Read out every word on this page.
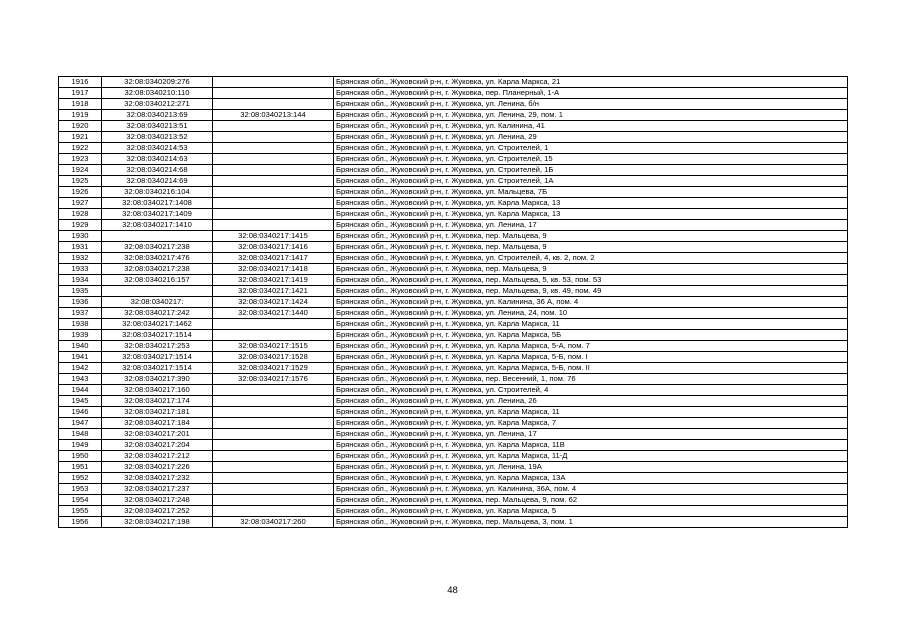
1916	32:08:0340209:276		Брянская обл., Жуковский р-н, г. Жуковка, ул. Карла Маркса, 21
1917	32:08:0340210:110		Брянская обл., Жуковский р-н, г. Жуковка, пер. Планерный, 1-А
1918	32:08:0340212:271		Брянская обл., Жуковский р-н, г. Жуковка, ул. Ленина, б/н
1919	32:08:0340213:69	32:08:0340213:144	Брянская обл., Жуковский р-н, г. Жуковка, ул. Ленина, 29, пом. 1
1920	32:08:0340213:51		Брянская обл., Жуковский р-н, г. Жуковка, ул. Калинина, 41
1921	32:08:0340213:52		Брянская обл., Жуковский р-н, г. Жуковка, ул. Ленина, 29
1922	32:08:0340214:53		Брянская обл., Жуковский р-н, г. Жуковка, ул. Строителей, 1
1923	32:08:0340214:63		Брянская обл., Жуковский р-н, г. Жуковка, ул. Строителей, 15
1924	32:08:0340214:68		Брянская обл., Жуковский р-н, г. Жуковка, ул. Строителей, 1Б
1925	32:08:0340214:69		Брянская обл., Жуковский р-н, г. Жуковка, ул. Строителей, 1А
1926	32:08:0340216:104		Брянская обл., Жуковский р-н, г. Жуковка, ул. Мальцева, 7Б
1927	32:08:0340217:1408		Брянская обл., Жуковский р-н, г. Жуковка, ул. Карла Маркса, 13
1928	32:08:0340217:1409		Брянская обл., Жуковский р-н, г. Жуковка, ул. Карла Маркса, 13
1929	32:08:0340217:1410		Брянская обл., Жуковский р-н, г. Жуковка, ул. Ленина, 17
1930		32:08:0340217:1415	Брянская обл., Жуковский р-н, г. Жуковка, пер. Мальцева, 9
1931	32:08:0340217:238	32:08:0340217:1416	Брянская обл., Жуковский р-н, г. Жуковка, пер. Мальцева, 9
1932	32:08:0340217:476	32:08:0340217:1417	Брянская обл., Жуковский р-н, г. Жуковка, ул. Строителей, 4, кв. 2, пом. 2
1933	32:08:0340217:238	32:08:0340217:1418	Брянская обл., Жуковский р-н, г. Жуковка, пер. Мальцева, 9
1934	32:08:0340216:157	32:08:0340217:1419	Брянская обл., Жуковский р-н, г. Жуковка, пер. Мальцева, 5, кв. 53, пом. 53
1935		32:08:0340217:1421	Брянская обл., Жуковский р-н, г. Жуковка, пер. Мальцева, 9, кв. 49, пом. 49
1936	32:08:0340217:	32:08:0340217:1424	Брянская обл., Жуковский р-н, г. Жуковка, ул. Калинина, 36 А, пом. 4
1937	32:08:0340217:242	32:08:0340217:1440	Брянская обл., Жуковский р-н, г. Жуковка, ул. Ленина, 24, пом. 10
1938	32:08:0340217:1462		Брянская обл., Жуковский р-н, г. Жуковка, ул. Карла Маркса, 11
1939	32:08:0340217:1514		Брянская обл., Жуковский р-н, г. Жуковка, ул. Карла Маркса, 5Б
1940	32:08:0340217:253	32:08:0340217:1515	Брянская обл., Жуковский р-н, г. Жуковка, ул. Карла Маркса, 5-А, пом. 7
1941	32:08:0340217:1514	32:08:0340217:1528	Брянская обл., Жуковский р-н, г. Жуковка, ул. Карла Маркса, 5-Б, пом. I
1942	32:08:0340217:1514	32:08:0340217:1529	Брянская обл., Жуковский р-н, г. Жуковка, ул. Карла Маркса, 5-Б, пом. II
1943	32:08:0340217:390	32:08:0340217:1576	Брянская обл., Жуковский р-н, г. Жуковка, пер. Весенний, 1, пом. 76
1944	32:08:0340217:160		Брянская обл., Жуковский р-н, г. Жуковка, ул. Строителей, 4
1945	32:08:0340217:174		Брянская обл., Жуковский р-н, г. Жуковка, ул. Ленина, 26
1946	32:08:0340217:181		Брянская обл., Жуковский р-н, г. Жуковка, ул. Карла Маркса, 11
1947	32:08:0340217:184		Брянская обл., Жуковский р-н, г. Жуковка, ул. Карла Маркса, 7
1948	32:08:0340217:201		Брянская обл., Жуковский р-н, г. Жуковка, ул. Ленина, 17
1949	32:08:0340217:204		Брянская обл., Жуковский р-н, г. Жуковка, ул. Карла Маркса, 11В
1950	32:08:0340217:212		Брянская обл., Жуковский р-н, г. Жуковка, ул. Карла Маркса, 11-Д
1951	32:08:0340217:226		Брянская обл., Жуковский р-н, г. Жуковка, ул. Ленина, 19А
1952	32:08:0340217:232		Брянская обл., Жуковский р-н, г. Жуковка, ул. Карла Маркса, 13А
1953	32:08:0340217:237		Брянская обл., Жуковский р-н, г. Жуковка, ул. Калинина, 36А, пом. 4
1954	32:08:0340217:248		Брянская обл., Жуковский р-н, г. Жуковка, пер. Мальцева, 9, пом. 62
1955	32:08:0340217:252		Брянская обл., Жуковский р-н, г. Жуковка, ул. Карла Маркса, 5
1956	32:08:0340217:198	32:08:0340217:260	Брянская обл., Жуковский р-н, г. Жуковка, пер. Мальцева, 3, пом. 1
48
